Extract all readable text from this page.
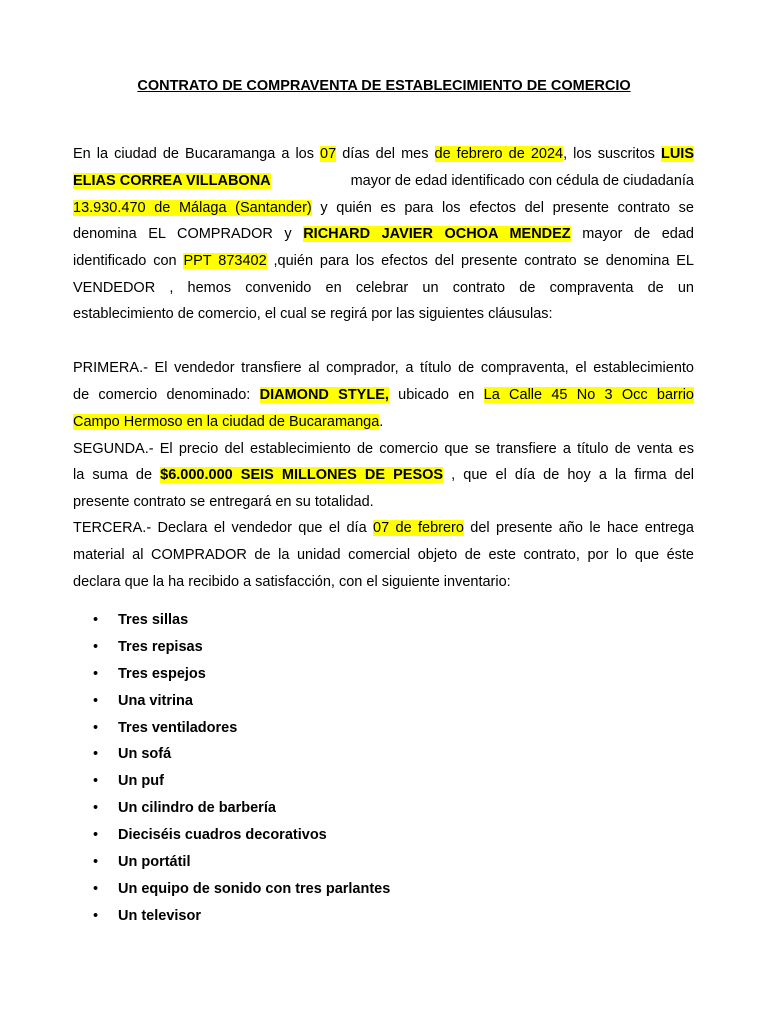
CONTRATO DE COMPRAVENTA DE ESTABLECIMIENTO DE COMERCIO
En la ciudad de Bucaramanga a los 07 días del mes de febrero de 2024, los suscritos LUIS
ELIAS CORREA VILLABONA	mayor de edad identificado con cédula de ciudadanía
13.930.470 de Málaga (Santander) y quién es para los efectos del presente contrato se
denomina EL COMPRADOR y RICHARD JAVIER OCHOA MENDEZ mayor de edad
identificado con PPT 873402 ,quién para los efectos del presente contrato se denomina EL
VENDEDOR , hemos convenido en celebrar un contrato de compraventa de un
establecimiento de comercio, el cual se regirá por las siguientes cláusulas:
PRIMERA.- El vendedor transfiere al comprador, a título de compraventa, el establecimiento
de comercio denominado: DIAMOND STYLE, ubicado en La Calle 45 No 3 Occ barrio
Campo Hermoso en la ciudad de Bucaramanga.
SEGUNDA.- El precio del establecimiento de comercio que se transfiere a título de venta es
la suma de $6.000.000 SEIS MILLONES DE PESOS , que el día de hoy a la firma del
presente contrato se entregará en su totalidad.
TERCERA.- Declara el vendedor que el día 07 de febrero del presente año le hace entrega
material al COMPRADOR de la unidad comercial objeto de este contrato, por lo que éste
declara que la ha recibido a satisfacción, con el siguiente inventario:
• Tres sillas
• Tres repisas
• Tres espejos
• Una vitrina
• Tres ventiladores
• Un sofá
• Un puf
• Un cilindro de barbería
• Dieciséis cuadros decorativos
• Un portátil
• Un equipo de sonido con tres parlantes
• Un televisor
